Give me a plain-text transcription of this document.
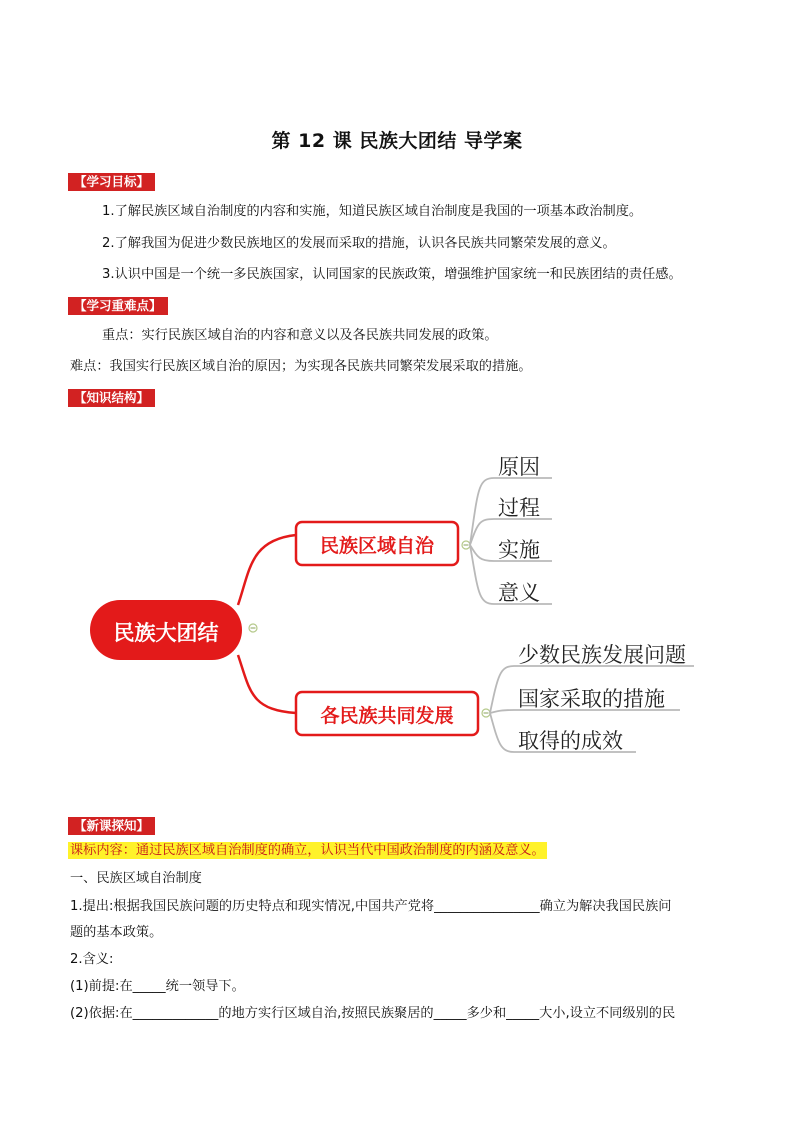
第 12 课 民族大团结 导学案
【学习目标】
1.了解民族区域自治制度的内容和实施，知道民族区域自治制度是我国的一项基本政治制度。
2.了解我国为促进少数民族地区的发展而采取的措施，认识各民族共同繁荣发展的意义。
3.认识中国是一个统一多民族国家，认同国家的民族政策，增强维护国家统一和民族团结的责任感。
【学习重难点】
重点：实行民族区域自治的内容和意义以及各民族共同发展的政策。
难点：我国实行民族区域自治的原因；为实现各民族共同繁荣发展采取的措施。
【知识结构】
民族大团结
民族区域自治
原因
过程
实施
意义
各民族共同发展
少数民族发展问题
国家采取的措施
取得的成效
【新课探知】
课标内容：通过民族区域自治制度的确立，认识当代中国政治制度的内涵及意义。
一、民族区域自治制度
1.提出:根据我国民族问题的历史特点和现实情况,中国共产党将________________确立为解决我国民族问
题的基本政策。
2.含义:
(1)前提:在_____统一领导下。
(2)依据:在_____________的地方实行区域自治,按照民族聚居的_____多少和_____大小,设立不同级别的民
